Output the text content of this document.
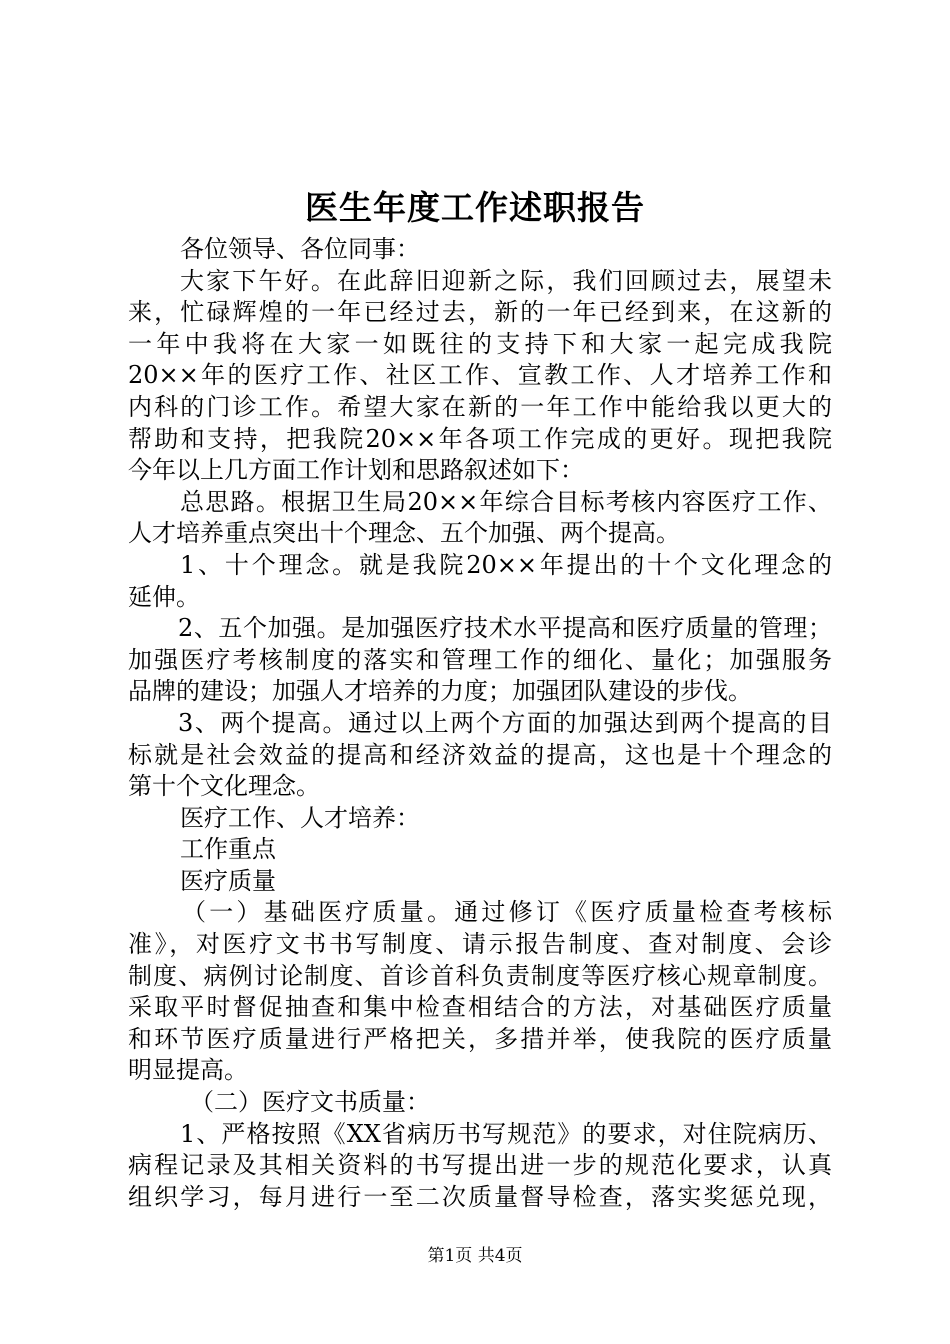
医生年度工作述职报告
各位领导、各位同事：
大家下午好。在此辞旧迎新之际，我们回顾过去，展望未
来，忙碌辉煌的一年已经过去，新的一年已经到来，在这新的
一年中我将在大家一如既往的支持下和大家一起完成我院
20××年的医疗工作、社区工作、宣教工作、人才培养工作和
内科的门诊工作。希望大家在新的一年工作中能给我以更大的
帮助和支持，把我院20××年各项工作完成的更好。现把我院
今年以上几方面工作计划和思路叙述如下：
总思路。根据卫生局20××年综合目标考核内容医疗工作、
人才培养重点突出十个理念、五个加强、两个提高。
1、十个理念。就是我院20××年提出的十个文化理念的
延伸。
2、五个加强。是加强医疗技术水平提高和医疗质量的管理；
加强医疗考核制度的落实和管理工作的细化、量化；加强服务
品牌的建设；加强人才培养的力度；加强团队建设的步伐。
3、两个提高。通过以上两个方面的加强达到两个提高的目
标就是社会效益的提高和经济效益的提高，这也是十个理念的
第十个文化理念。
医疗工作、人才培养：
工作重点
医疗质量
（一）基础医疗质量。通过修订《医疗质量检查考核标
准》，对医疗文书书写制度、请示报告制度、查对制度、会诊
制度、病例讨论制度、首诊首科负责制度等医疗核心规章制度。
采取平时督促抽查和集中检查相结合的方法，对基础医疗质量
和环节医疗质量进行严格把关，多措并举，使我院的医疗质量
明显提高。
（二）医疗文书质量：
1、严格按照《XX省病历书写规范》的要求，对住院病历、
病程记录及其相关资料的书写提出进一步的规范化要求，认真
组织学习，每月进行一至二次质量督导检查，落实奖惩兑现，
第1页 共4页
